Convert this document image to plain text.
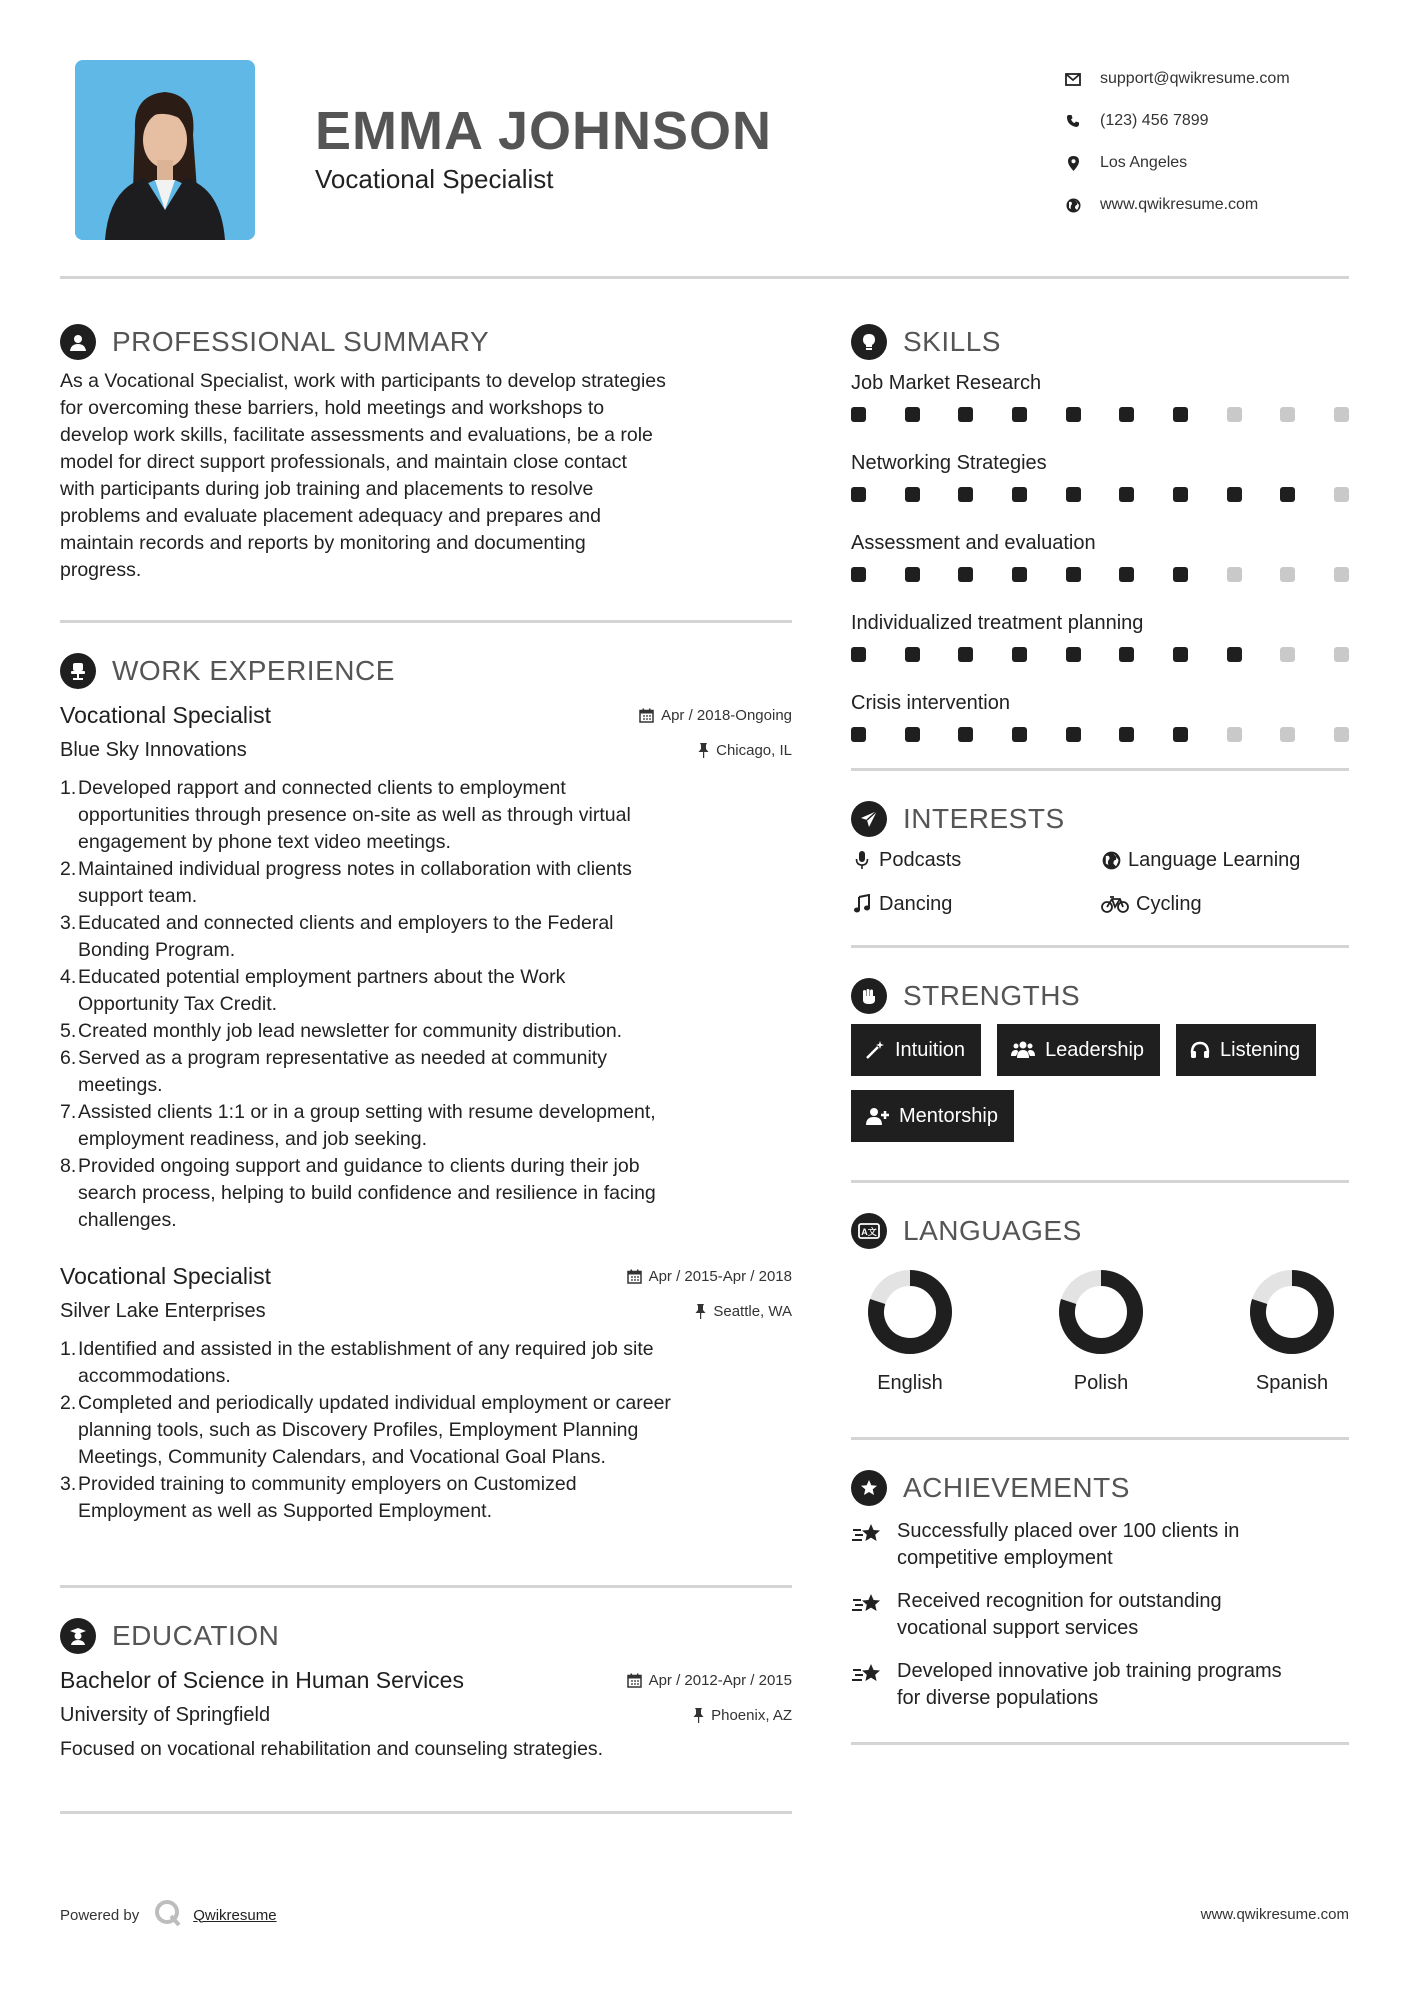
EMMA JOHNSON
Vocational Specialist
support@qwikresume.com
(123) 456 7899
Los Angeles
www.qwikresume.com
PROFESSIONAL SUMMARY
As a Vocational Specialist, work with participants to develop strategies
for overcoming these barriers, hold meetings and workshops to
develop work skills, facilitate assessments and evaluations, be a role
model for direct support professionals, and maintain close contact
with participants during job training and placements to resolve
problems and evaluate placement adequacy and prepares and
maintain records and reports by monitoring and documenting
progress.
WORK EXPERIENCE
Vocational Specialist	Apr / 2018-Ongoing
Blue Sky Innovations	Chicago, IL
1. Developed rapport and connected clients to employment
opportunities through presence on-site as well as through virtual
engagement by phone text video meetings.
2. Maintained individual progress notes in collaboration with clients
support team.
3. Educated and connected clients and employers to the Federal
Bonding Program.
4. Educated potential employment partners about the Work
Opportunity Tax Credit.
5. Created monthly job lead newsletter for community distribution.
6. Served as a program representative as needed at community
meetings.
7. Assisted clients 1:1 or in a group setting with resume development,
employment readiness, and job seeking.
8. Provided ongoing support and guidance to clients during their job
search process, helping to build confidence and resilience in facing
challenges.
Vocational Specialist	Apr / 2015-Apr / 2018
Silver Lake Enterprises	Seattle, WA
1. Identified and assisted in the establishment of any required job site
accommodations.
2. Completed and periodically updated individual employment or career
planning tools, such as Discovery Profiles, Employment Planning
Meetings, Community Calendars, and Vocational Goal Plans.
3. Provided training to community employers on Customized
Employment as well as Supported Employment.
EDUCATION
Bachelor of Science in Human Services	Apr / 2012-Apr / 2015
University of Springfield	Phoenix, AZ
Focused on vocational rehabilitation and counseling strategies.
SKILLS
Job Market Research
Networking Strategies
Assessment and evaluation
Individualized treatment planning
Crisis intervention
INTERESTS
Podcasts	Language Learning
Dancing	Cycling
STRENGTHS
Intuition	Leadership	Listening
Mentorship
A文 LANGUAGES
English	Polish	Spanish
ACHIEVEMENTS
Successfully placed over 100 clients in
competitive employment
Received recognition for outstanding
vocational support services
Developed innovative job training programs
for diverse populations
Powered by	Qwikresume	www.qwikresume.com
